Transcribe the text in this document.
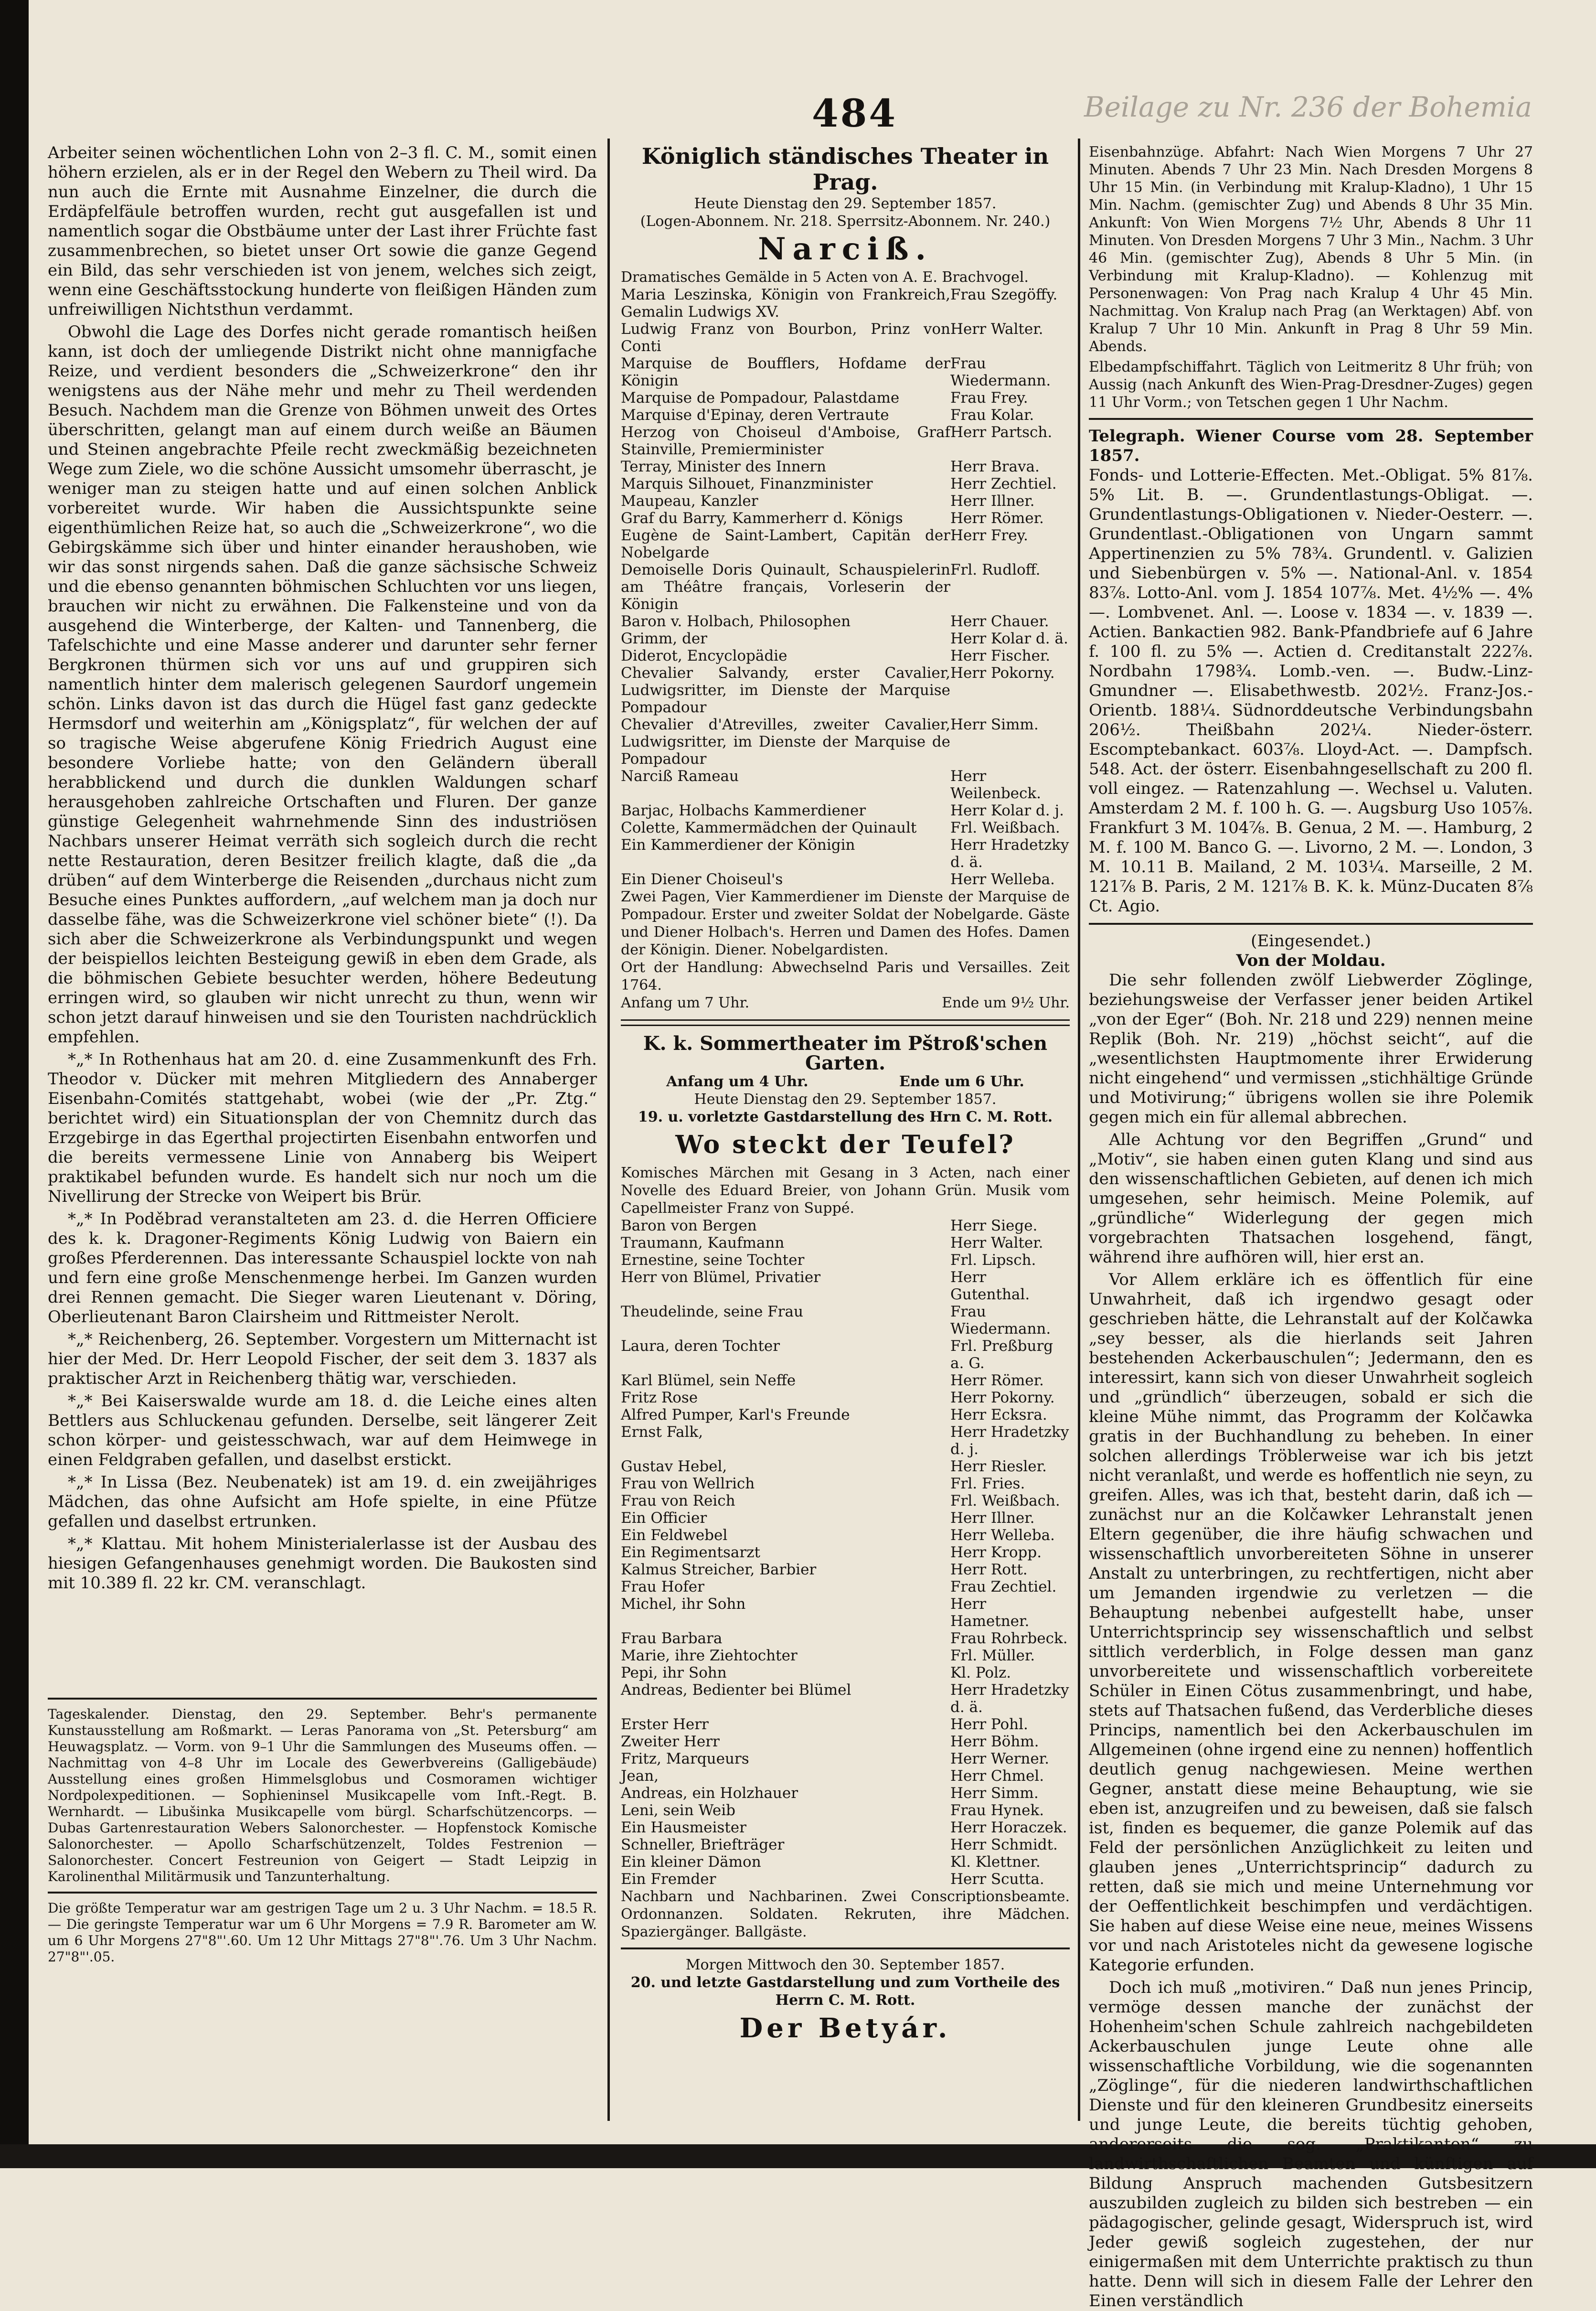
484	Beilage zu Nr. 236 der Bohemia

Arbeiter seinen wöchentlichen Lohn von 2–3 fl. C. M., somit einen höhern erzielen, als er in der Regel den Webern zu Theil wird. Da nun auch die Ernte mit Ausnahme Einzelner, die durch die Erdäpfelfäule betroffen wurden, recht gut ausgefallen ist und namentlich sogar die Obstbäume unter der Last ihrer Früchte fast zusammenbrechen, so bietet unser Ort sowie die ganze Gegend ein Bild, das sehr verschieden ist von jenem, welches sich zeigt, wenn eine Geschäftsstockung hunderte von fleißigen Händen zum unfreiwilligen Nichtsthun verdammt.

Obwohl die Lage des Dorfes nicht gerade romantisch heißen kann, ist doch der umliegende Distrikt nicht ohne mannigfache Reize, und verdient besonders die „Schweizerkrone“ den ihr wenigstens aus der Nähe mehr und mehr zu Theil werdenden Besuch. Nachdem man die Grenze von Böhmen unweit des Ortes überschritten, gelangt man auf einem durch weiße an Bäumen und Steinen angebrachte Pfeile recht zweckmäßig bezeichneten Wege zum Ziele, wo die schöne Aussicht umsomehr überrascht, je weniger man zu steigen hatte und auf einen solchen Anblick vorbereitet wurde. Wir haben die Aussichtspunkte seine eigenthümlichen Reize hat, so auch die „Schweizerkrone“, wo die Gebirgskämme sich über und hinter einander heraushoben, wie wir das sonst nirgends sahen. Daß die ganze sächsische Schweiz und die ebenso genannten böhmischen Schluchten vor uns liegen, brauchen wir nicht zu erwähnen. Die Falkensteine und von da ausgehend die Winterberge, der Kalten- und Tannenberg, die Tafelschichte und eine Masse anderer und darunter sehr ferner Bergkronen thürmen sich vor uns auf und gruppiren sich namentlich hinter dem malerisch gelegenen Saurdorf ungemein schön. Links davon ist das durch die Hügel fast ganz gedeckte Hermsdorf und weiterhin am „Königsplatz“, für welchen der auf so tragische Weise abgerufene König Friedrich August eine besondere Vorliebe hatte; von den Geländern überall herabblickend und durch die dunklen Waldungen scharf herausgehoben zahlreiche Ortschaften und Fluren. Der ganze günstige Gelegenheit wahrnehmende Sinn des industriösen Nachbars unserer Heimat verräth sich sogleich durch die recht nette Restauration, deren Besitzer freilich klagte, daß die „da drüben“ auf dem Winterberge die Reisenden „durchaus nicht zum Besuche eines Punktes auffordern, „auf welchem man ja doch nur dasselbe fähe, was die Schweizerkrone viel schöner biete“ (!). Da sich aber die Schweizerkrone als Verbindungspunkt und wegen der beispiellos leichten Besteigung gewiß in eben dem Grade, als die böhmischen Gebiete besuchter werden, höhere Bedeutung erringen wird, so glauben wir nicht unrecht zu thun, wenn wir schon jetzt darauf hinweisen und sie den Touristen nachdrücklich empfehlen.

*„* In Rothenhaus hat am 20. d. eine Zusammenkunft des Frh. Theodor v. Dücker mit mehren Mitgliedern des Annaberger Eisenbahn-Comités stattgehabt, wobei (wie der „Pr. Ztg.“ berichtet wird) ein Situationsplan der von Chemnitz durch das Erzgebirge in das Egerthal projectirten Eisenbahn entworfen und die bereits vermessene Linie von Annaberg bis Weipert praktikabel befunden wurde. Es handelt sich nur noch um die Nivellirung der Strecke von Weipert bis Brür.

*„* In Poděbrad veranstalteten am 23. d. die Herren Officiere des k. k. Dragoner-Regiments König Ludwig von Baiern ein großes Pferderennen. Das interessante Schauspiel lockte von nah und fern eine große Menschenmenge herbei. Im Ganzen wurden drei Rennen gemacht. Die Sieger waren Lieutenant v. Döring, Oberlieutenant Baron Clairsheim und Rittmeister Nerolt.

*„* Reichenberg, 26. September. Vorgestern um Mitternacht ist hier der Med. Dr. Herr Leopold Fischer, der seit dem 3. 1837 als praktischer Arzt in Reichenberg thätig war, verschieden.

*„* Bei Kaiserswalde wurde am 18. d. die Leiche eines alten Bettlers aus Schluckenau gefunden. Derselbe, seit längerer Zeit schon körper- und geistesschwach, war auf dem Heimwege in einen Feldgraben gefallen, und daselbst erstickt.

*„* In Lissa (Bez. Neubenatek) ist am 19. d. ein zweijähriges Mädchen, das ohne Aufsicht am Hofe spielte, in eine Pfütze gefallen und daselbst ertrunken.

*„* Klattau. Mit hohem Ministerialerlasse ist der Ausbau des hiesigen Gefangenhauses genehmigt worden. Die Baukosten sind mit 10.389 fl. 22 kr. CM. veranschlagt.

Tageskalender. Dienstag, den 29. September. Behr's permanente Kunstausstellung am Roßmarkt. — Leras Panorama von „St. Petersburg“ am Heuwagsplatz. — Vorm. von 9–1 Uhr die Sammlungen des Museums offen. — Nachmittag von 4–8 Uhr im Locale des Gewerbvereins (Galligebäude) Ausstellung eines großen Himmelsglobus und Cosmoramen wichtiger Nordpolexpeditionen. — Sophieninsel Musikcapelle vom Inft.-Regt. B. Wernhardt. — Libušinka Musikcapelle vom bürgl. Scharfschützencorps. — Dubas Gartenrestauration Webers Salonorchester. — Hopfenstock Komische Salonorchester. — Apollo Scharfschützenzelt, Toldes Festrenion — Salonorchester. Concert Festreunion von Geigert — Stadt Leipzig in Karolinenthal Militärmusik und Tanzunterhaltung.

Die größte Temperatur war am gestrigen Tage um 2 u. 3 Uhr Nachm. = 18.5 R. — Die geringste Temperatur war um 6 Uhr Morgens = 7.9 R. Barometer am W. um 6 Uhr Morgens 27"8"'.60. Um 12 Uhr Mittags 27"8"'.76. Um 3 Uhr Nachm. 27"8"'.05.

Königlich ständisches Theater in Prag.
Heute Dienstag den 29. September 1857.
(Logen-Abonnem. Nr. 218. Sperrsitz-Abonnem. Nr. 240.)
Narciß.
Dramatisches Gemälde in 5 Acten von A. E. Brachvogel.
Maria Leszinska, Königin von Frankreich, Gemalin Ludwigs XV.	Frau Szegöffy.
Ludwig Franz von Bourbon, Prinz von Conti	Herr Walter.
Marquise de Boufflers, Hofdame der Königin	Frau Wiedermann.
Marquise de Pompadour, Palastdame	Frau Frey.
Marquise d'Epinay, deren Vertraute	Frau Kolar.
Herzog von Choiseul d'Amboise, Graf Stainville, Premierminister	Herr Partsch.
Terray, Minister des Innern	Herr Brava.
Marquis Silhouet, Finanzminister	Herr Zechtiel.
Maupeau, Kanzler	Herr Illner.
Graf du Barry, Kammerherr d. Königs	Herr Römer.
Eugène de Saint-Lambert, Capitän der Nobelgarde	Herr Frey.
Demoiselle Doris Quinault, Schauspielerin am Théâtre français, Vorleserin der Königin	Frl. Rudloff.
Baron v. Holbach, Philosophen	Herr Chauer.
Grimm, der	Herr Kolar d. ä.
Diderot, Encyclopädie	Herr Fischer.
Chevalier Salvandy, erster Cavalier, Ludwigsritter, im Dienste der Marquise Pompadour	Herr Pokorny.
Chevalier d'Atrevilles, zweiter Cavalier, Ludwigsritter, im Dienste der Marquise de Pompadour	Herr Simm.
Narciß Rameau	Herr Weilenbeck.
Barjac, Holbachs Kammerdiener	Herr Kolar d. j.
Colette, Kammermädchen der Quinault	Frl. Weißbach.
Ein Kammerdiener der Königin	Herr Hradetzky d. ä.
Ein Diener Choiseul's	Herr Welleba.
Zwei Pagen, Vier Kammerdiener im Dienste der Marquise de Pompadour. Erster und zweiter Soldat der Nobelgarde. Gäste und Diener Holbach's. Herren und Damen des Hofes. Damen der Königin. Diener. Nobelgardisten.
Ort der Handlung: Abwechselnd Paris und Versailles. Zeit 1764.
Anfang um 7 Uhr.	Ende um 9½ Uhr.
K. k. Sommertheater im Pštroß'schen Garten.
Anfang um 4 Uhr.	Ende um 6 Uhr.
Heute Dienstag den 29. September 1857.
19. u. vorletzte Gastdarstellung des Hrn C. M. Rott.
Wo steckt der Teufel?
Komisches Märchen mit Gesang in 3 Acten, nach einer Novelle des Eduard Breier, von Johann Grün. Musik vom Capellmeister Franz von Suppé.
Baron von Bergen	Herr Siege.
Traumann, Kaufmann	Herr Walter.
Ernestine, seine Tochter	Frl. Lipsch.
Herr von Blümel, Privatier	Herr Gutenthal.
Theudelinde, seine Frau	Frau Wiedermann.
Laura, deren Tochter	Frl. Preßburg a. G.
Karl Blümel, sein Neffe	Herr Römer.
Fritz Rose	Herr Pokorny.
Alfred Pumper, Karl's Freunde	Herr Ecksra.
Ernst Falk,	Herr Hradetzky d. j.
Gustav Hebel,	Herr Riesler.
Frau von Wellrich	Frl. Fries.
Frau von Reich	Frl. Weißbach.
Ein Officier	Herr Illner.
Ein Feldwebel	Herr Welleba.
Ein Regimentsarzt	Herr Kropp.
Kalmus Streicher, Barbier	Herr Rott.
Frau Hofer	Frau Zechtiel.
Michel, ihr Sohn	Herr Hametner.
Frau Barbara	Frau Rohrbeck.
Marie, ihre Ziehtochter	Frl. Müller.
Pepi, ihr Sohn	Kl. Polz.
Andreas, Bedienter bei Blümel	Herr Hradetzky d. ä.
Erster Herr	Herr Pohl.
Zweiter Herr	Herr Böhm.
Fritz, Marqueurs	Herr Werner.
Jean,	Herr Chmel.
Andreas, ein Holzhauer	Herr Simm.
Leni, sein Weib	Frau Hynek.
Ein Hausmeister	Herr Horaczek.
Schneller, Briefträger	Herr Schmidt.
Ein kleiner Dämon	Kl. Klettner.
Ein Fremder	Herr Scutta.
Nachbarn und Nachbarinen. Zwei Conscriptionsbeamte. Ordonnanzen. Soldaten. Rekruten, ihre Mädchen. Spaziergänger. Ballgäste.
Morgen Mittwoch den 30. September 1857.
20. und letzte Gastdarstellung und zum Vortheile des Herrn C. M. Rott.
Der Betyár.

Eisenbahnzüge. Abfahrt: Nach Wien Morgens 7 Uhr 27 Minuten. Abends 7 Uhr 23 Min. Nach Dresden Morgens 8 Uhr 15 Min. (in Verbindung mit Kralup-Kladno), 1 Uhr 15 Min. Nachm. (gemischter Zug) und Abends 8 Uhr 35 Min. Ankunft: Von Wien Morgens 7½ Uhr, Abends 8 Uhr 11 Minuten. Von Dresden Morgens 7 Uhr 3 Min., Nachm. 3 Uhr 46 Min. (gemischter Zug), Abends 8 Uhr 5 Min. (in Verbindung mit Kralup-Kladno). — Kohlenzug mit Personenwagen: Von Prag nach Kralup 4 Uhr 45 Min. Nachmittag. Von Kralup nach Prag (an Werktagen) Abf. von Kralup 7 Uhr 10 Min. Ankunft in Prag 8 Uhr 59 Min. Abends.

Elbedampfschiffahrt. Täglich von Leitmeritz 8 Uhr früh; von Aussig (nach Ankunft des Wien-Prag-Dresdner-Zuges) gegen 11 Uhr Vorm.; von Tetschen gegen 1 Uhr Nachm.

Telegraph. Wiener Course vom 28. September 1857.

Fonds- und Lotterie-Effecten. Met.-Obligat. 5% 81⅞. 5% Lit. B. —. Grundentlastungs-Obligat. —. Grundentlastungs-Obligationen v. Nieder-Oesterr. —. Grundentlast.-Obligationen von Ungarn sammt Appertinenzien zu 5% 78¾. Grundentl. v. Galizien und Siebenbürgen v. 5% —. National-Anl. v. 1854 83⅞. Lotto-Anl. vom J. 1854 107⅞. Met. 4½% —. 4% —. Lombvenet. Anl. —. Loose v. 1834 —. v. 1839 —. Actien. Bankactien 982. Bank-Pfandbriefe auf 6 Jahre f. 100 fl. zu 5% —. Actien d. Creditanstalt 222⅞. Nordbahn 1798¾. Lomb.-ven. —. Budw.-Linz-Gmundner —. Elisabethwestb. 202½. Franz-Jos.-Orientb. 188¼. Südnorddeutsche Verbindungsbahn 206½. Theißbahn 202¼. Nieder-österr. Escomptebankact. 603⅞. Lloyd-Act. —. Dampfsch. 548. Act. der österr. Eisenbahngesellschaft zu 200 fl. voll eingez. — Ratenzahlung —. Wechsel u. Valuten. Amsterdam 2 M. f. 100 h. G. —. Augsburg Uso 105⅞. Frankfurt 3 M. 104⅞. B. Genua, 2 M. —. Hamburg, 2 M. f. 100 M. Banco G. —. Livorno, 2 M. —. London, 3 M. 10.11 B. Mailand, 2 M. 103¼. Marseille, 2 M. 121⅞ B. Paris, 2 M. 121⅞ B. K. k. Münz-Ducaten 8⅞ Ct. Agio.

(Eingesendet.)
Von der Moldau.

Die sehr follenden zwölf Liebwerder Zöglinge, beziehungsweise der Verfasser jener beiden Artikel „von der Eger“ (Boh. Nr. 218 und 229) nennen meine Replik (Boh. Nr. 219) „höchst seicht“, auf die „wesentlichsten Hauptmomente ihrer Erwiderung nicht eingehend“ und vermissen „stichhältige Gründe und Motivirung;“ übrigens wollen sie ihre Polemik gegen mich ein für allemal abbrechen.

Alle Achtung vor den Begriffen „Grund“ und „Motiv“, sie haben einen guten Klang und sind aus den wissenschaftlichen Gebieten, auf denen ich mich umgesehen, sehr heimisch. Meine Polemik, auf „gründliche“ Widerlegung der gegen mich vorgebrachten Thatsachen losgehend, fängt, während ihre aufhören will, hier erst an.

Vor Allem erkläre ich es öffentlich für eine Unwahrheit, daß ich irgendwo gesagt oder geschrieben hätte, die Lehranstalt auf der Kolčawka „sey besser, als die hierlands seit Jahren bestehenden Ackerbauschulen“; Jedermann, den es interessirt, kann sich von dieser Unwahrheit sogleich und „gründlich“ überzeugen, sobald er sich die kleine Mühe nimmt, das Programm der Kolčawka gratis in der Buchhandlung zu beheben. In einer solchen allerdings Tröblerweise war ich bis jetzt nicht veranlaßt, und werde es hoffentlich nie seyn, zu greifen. Alles, was ich that, besteht darin, daß ich — zunächst nur an die Kolčawker Lehranstalt jenen Eltern gegenüber, die ihre häufig schwachen und wissenschaftlich unvorbereiteten Söhne in unserer Anstalt zu unterbringen, zu rechtfertigen, nicht aber um Jemanden irgendwie zu verletzen — die Behauptung nebenbei aufgestellt habe, unser Unterrichtsprincip sey wissenschaftlich und selbst sittlich verderblich, in Folge dessen man ganz unvorbereitete und wissenschaftlich vorbereitete Schüler in Einen Cötus zusammenbringt, und habe, stets auf Thatsachen fußend, das Verderbliche dieses Princips, namentlich bei den Ackerbauschulen im Allgemeinen (ohne irgend eine zu nennen) hoffentlich deutlich genug nachgewiesen. Meine werthen Gegner, anstatt diese meine Behauptung, wie sie eben ist, anzugreifen und zu beweisen, daß sie falsch ist, finden es bequemer, die ganze Polemik auf das Feld der persönlichen Anzüglichkeit zu leiten und glauben jenes „Unterrichtsprincip“ dadurch zu retten, daß sie mich und meine Unternehmung vor der Oeffentlichkeit beschimpfen und verdächtigen. Sie haben auf diese Weise eine neue, meines Wissens vor und nach Aristoteles nicht da gewesene logische Kategorie erfunden.

Doch ich muß „motiviren.“ Daß nun jenes Princip, vermöge dessen manche der zunächst der Hohenheim'schen Schule zahlreich nachgebildeten Ackerbauschulen junge Leute ohne alle wissenschaftliche Vorbildung, wie die sogenannten „Zöglinge“, für die niederen landwirthschaftlichen Dienste und für den kleineren Grundbesitz einerseits und junge Leute, die bereits tüchtig gehoben, andererseits die sog. „Praktikanten“ zu landwirthschaftlichen Beamten und künftigen auf Bildung Anspruch machenden Gutsbesitzern auszubilden zugleich zu bilden sich bestreben — ein pädagogischer, gelinde gesagt, Widerspruch ist, wird Jeder gewiß sogleich zugestehen, der nur einigermaßen mit dem Unterrichte praktisch zu thun hatte. Denn will sich in diesem Falle der Lehrer den Einen verständlich
